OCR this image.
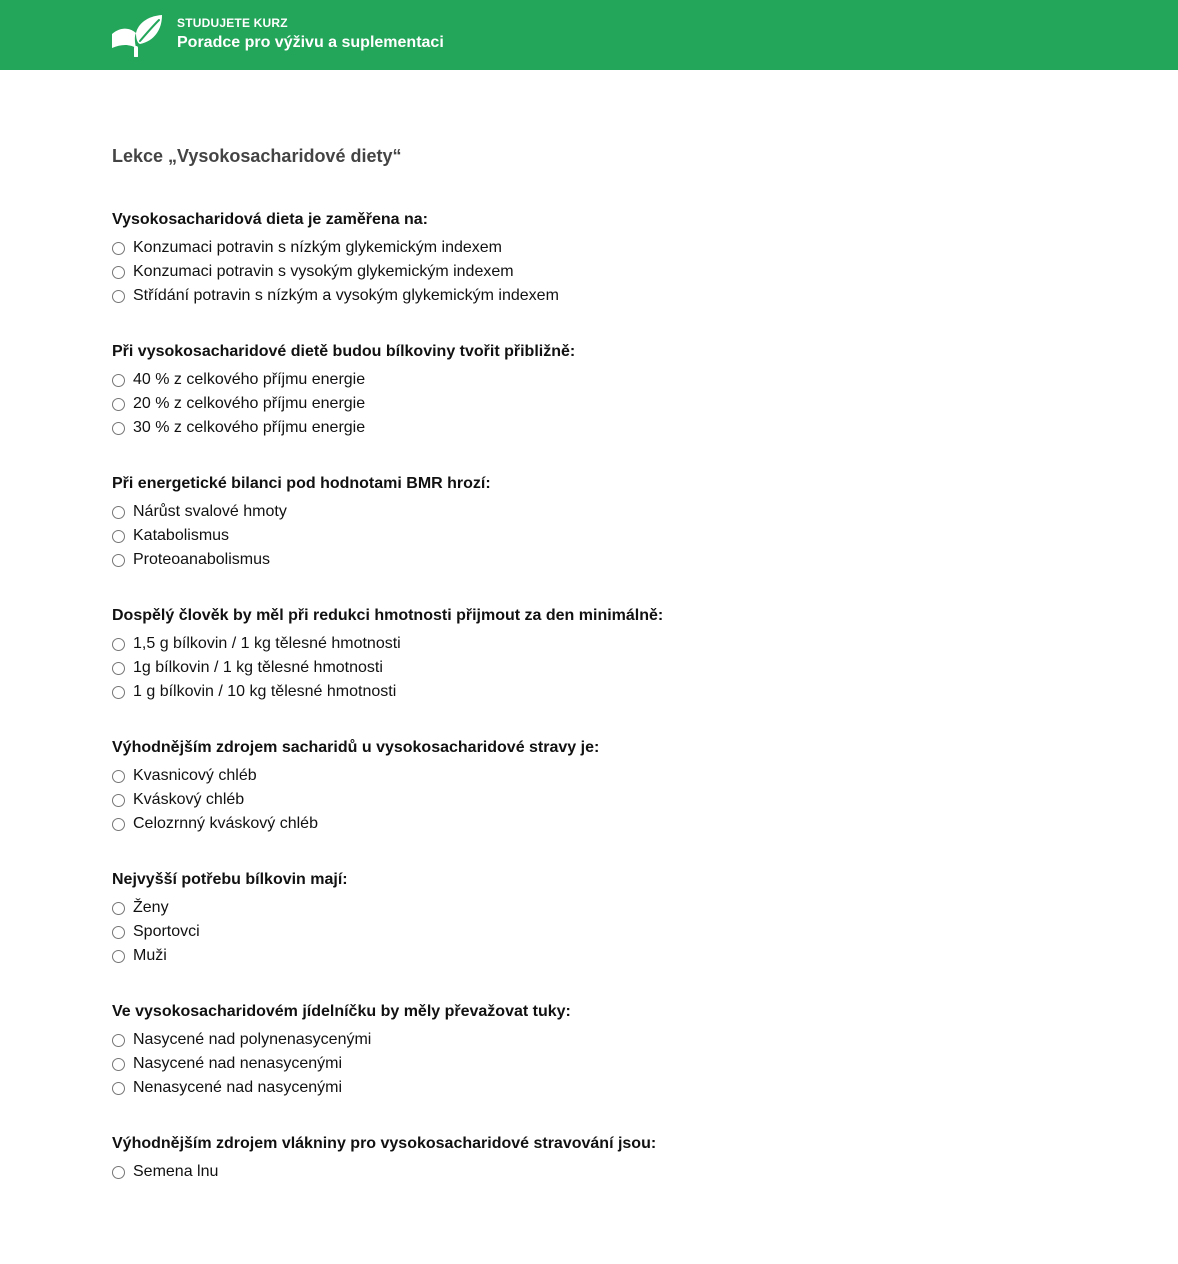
STUDUJETE KURZ
Poradce pro výživu a suplementaci
Lekce „Vysokosacharidové diety“
Vysokosacharidová dieta je zaměřena na:
Konzumaci potravin s nízkým glykemickým indexem
Konzumaci potravin s vysokým glykemickým indexem
Střídání potravin s nízkým a vysokým glykemickým indexem
Při vysokosacharidové dietě budou bílkoviny tvořit přibližně:
40 % z celkového příjmu energie
20 % z celkového příjmu energie
30 % z celkového příjmu energie
Při energetické bilanci pod hodnotami BMR hrozí:
Nárůst svalové hmoty
Katabolismus
Proteoanabolismus
Dospělý člověk by měl při redukci hmotnosti přijmout za den minimálně:
1,5 g bílkovin / 1 kg tělesné hmotnosti
1g bílkovin / 1 kg tělesné hmotnosti
1 g bílkovin / 10 kg tělesné hmotnosti
Výhodnějším zdrojem sacharidů u vysokosacharidové stravy je:
Kvasnicový chléb
Kváskový chléb
Celozrnný kváskový chléb
Nejvyšší potřebu bílkovin mají:
Ženy
Sportovci
Muži
Ve vysokosacharidovém jídelníčku by měly převažovat tuky:
Nasycené nad polynenasycenými
Nasycené nad nenasycenými
Nenasycené nad nasycenými
Výhodnějším zdrojem vlákniny pro vysokosacharidové stravování jsou:
Semena lnu
